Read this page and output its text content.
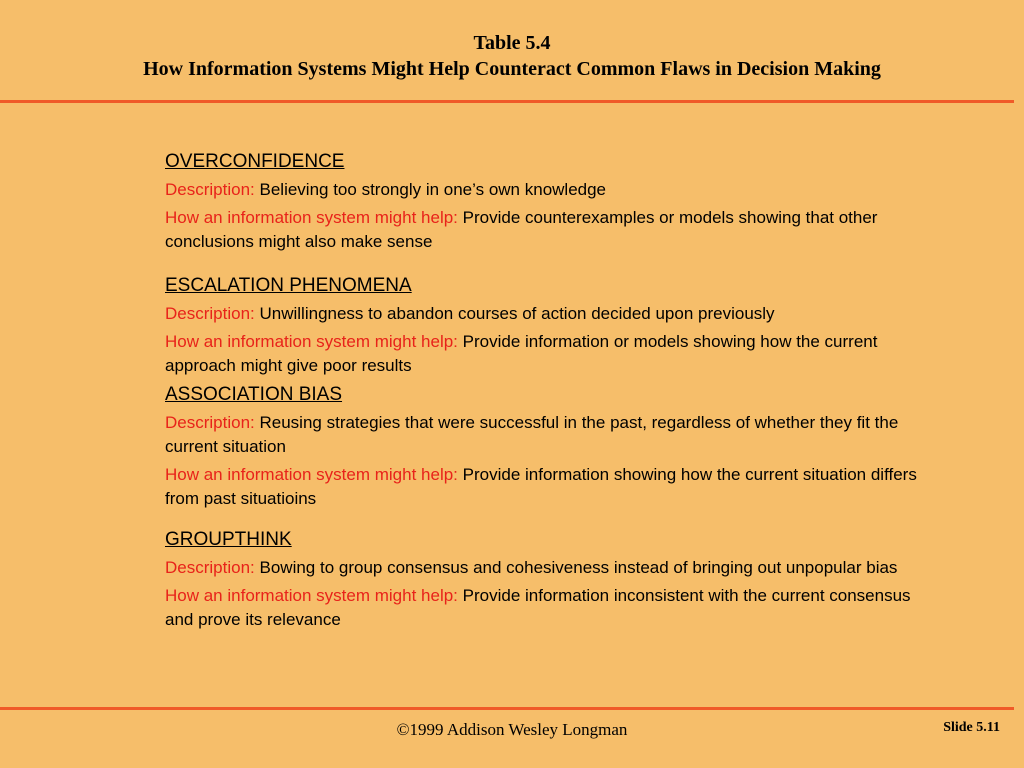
Table 5.4
How Information Systems Might Help Counteract Common Flaws in Decision Making
OVERCONFIDENCE
Description: Believing too strongly in one’s own knowledge
How an information system might help: Provide counterexamples or models showing that other conclusions might also make sense
ESCALATION PHENOMENA
Description: Unwillingness to abandon courses of action decided upon previously
How an information system might help: Provide information or models showing how the current approach might give poor results
ASSOCIATION BIAS
Description: Reusing strategies that were successful in the past, regardless of whether they fit the current situation
How an information system might help: Provide information showing how the current situation differs from past situatioins
GROUPTHINK
Description: Bowing to group consensus and cohesiveness instead of bringing out unpopular bias
How an information system might help: Provide information inconsistent with the current consensus and prove its relevance
©1999 Addison Wesley Longman	Slide 5.11
